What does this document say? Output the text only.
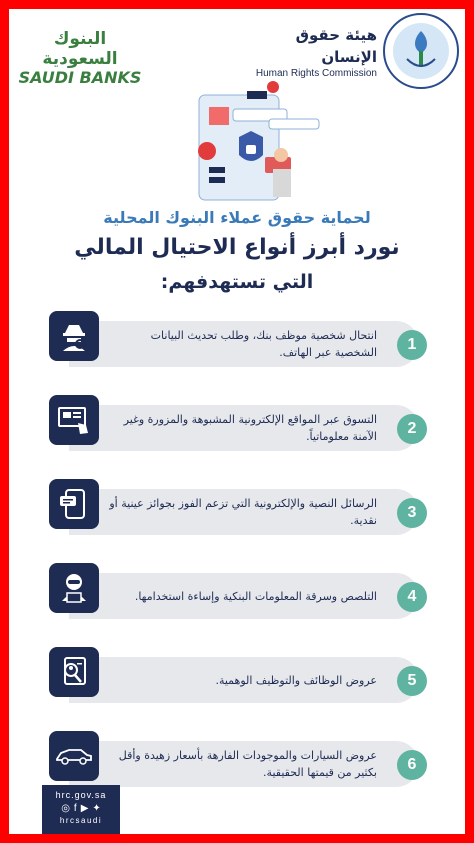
البنوك السعودية
SAUDI BANKS
هيئة حقوق الإنسان
Human Rights Commission
لحماية حقوق عملاء البنوك المحلية
نورد أبرز أنواع الاحتيال المالي
التي تستهدفهم:
انتحال شخصية موظف بنك، وطلب تحديث البيانات الشخصية عبر الهاتف.	1
التسوق عبر المواقع الإلكترونية المشبوهة والمزورة وغير الآمنة معلوماتياً.	2
الرسائل النصية والإلكترونية التي تزعم الفوز بجوائز عينية أو نقدية.	3
التلصص وسرقة المعلومات البنكية وإساءة استخدامها.	4
عروض الوظائف والتوظيف الوهمية.	5
عروض السيارات والموجودات الفارهة بأسعار زهيدة وأقل بكثير من قيمتها الحقيقية.	6
hrc.gov.sa
◎ f ▶ ✦
hrcsaudi
